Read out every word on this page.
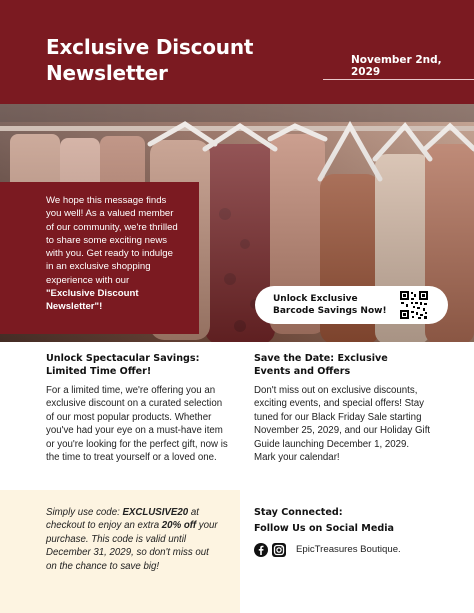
Exclusive Discount Newsletter
November 2nd, 2029
We hope this message finds you well! As a valued member of our community, we're thrilled to share some exciting news with you. Get ready to indulge in an exclusive shopping experience with our "Exclusive Discount Newsletter"!
Unlock Exclusive Barcode Savings Now!
Unlock Spectacular Savings: Limited Time Offer!
For a limited time, we're offering you an exclusive discount on a curated selection of our most popular products. Whether you've had your eye on a must-have item or you're looking for the perfect gift, now is the time to treat yourself or a loved one.
Save the Date: Exclusive Events and Offers
Don't miss out on exclusive discounts, exciting events, and special offers! Stay tuned for our Black Friday Sale starting November 25, 2029, and our Holiday Gift Guide launching December 1, 2029. Mark your calendar!
Simply use code: EXCLUSIVE20 at checkout to enjoy an extra 20% off your purchase. This code is valid until December 31, 2029, so don't miss out on the chance to save big!
Stay Connected:
Follow Us on Social Media
EpicTreasures Boutique.
